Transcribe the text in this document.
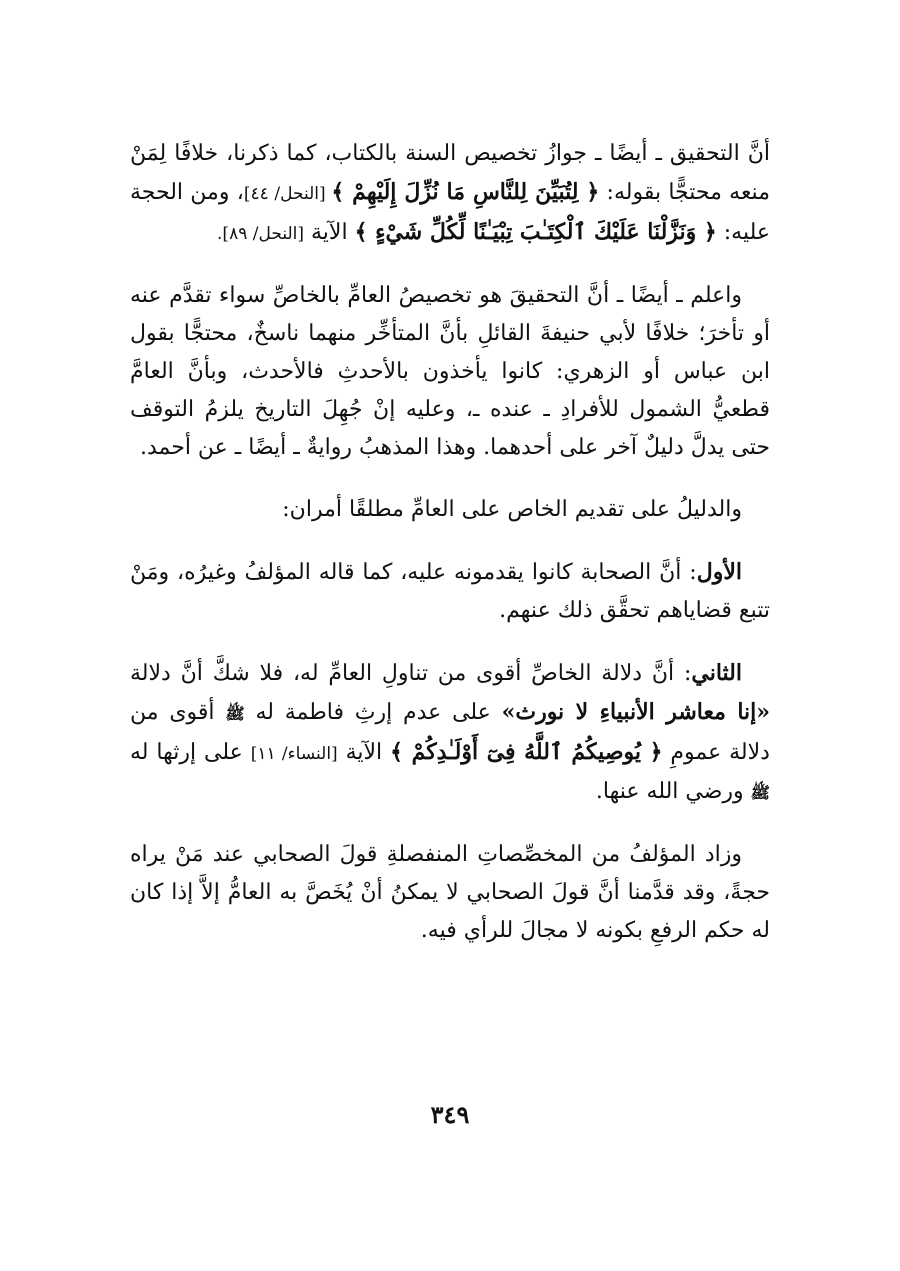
أنَّ التحقيق ـ أيضًا ـ جوازُ تخصيص السنة بالكتاب، كما ذكرنا، خلافًا لِمَنْ منعه محتجًّا بقوله: ﴿ لِتُبَيِّنَ لِلنَّاسِ مَا نُزِّلَ إِلَيْهِمْ ﴾ [النحل/ ٤٤]، ومن الحجة عليه: ﴿ وَنَزَّلْنَا عَلَيْكَ ٱلْكِتَـٰبَ تِبْيَـٰنًا لِّكُلِّ شَيْءٍ ﴾ الآية [النحل/ ٨٩].

واعلم ـ أيضًا ـ أنَّ التحقيقَ هو تخصيصُ العامِّ بالخاصِّ سواء تقدَّم عنه أو تأخرَ؛ خلافًا لأبي حنيفةَ القائلِ بأنَّ المتأخِّر منهما ناسخٌ، محتجًّا بقول ابن عباس أو الزهري: كانوا يأخذون بالأحدثِ فالأحدث، وبأنَّ العامَّ قطعيُّ الشمول للأفرادِ ـ عنده ـ، وعليه إنْ جُهِلَ التاريخ يلزمُ التوقف حتى يدلَّ دليلٌ آخر على أحدهما. وهذا المذهبُ روايةٌ ـ أيضًا ـ عن أحمد.

والدليلُ على تقديم الخاص على العامِّ مطلقًا أمران:

الأول: أنَّ الصحابة كانوا يقدمونه عليه، كما قاله المؤلفُ وغيرُه، ومَنْ تتبع قضاياهم تحقَّق ذلك عنهم.

الثاني: أنَّ دلالة الخاصِّ أقوى من تناولِ العامِّ له، فلا شكَّ أنَّ دلالة «إنا معاشر الأنبياءِ لا نورث» على عدم إرثِ فاطمة له ﷺ أقوى من دلالة عمومِ ﴿ يُوصِيكُمُ ٱللَّهُ فِىٓ أَوْلَـٰدِكُمْ ﴾ الآية [النساء/ ١١] على إرثها له ﷺ ورضي الله عنها.

وزاد المؤلفُ من المخصِّصاتِ المنفصلةِ قولَ الصحابي عند مَنْ يراه حجةً، وقد قدَّمنا أنَّ قولَ الصحابي لا يمكنُ أنْ يُخَصَّ به العامُّ إلاَّ إذا كان له حكم الرفعِ بكونه لا مجالَ للرأي فيه.

٣٤٩
